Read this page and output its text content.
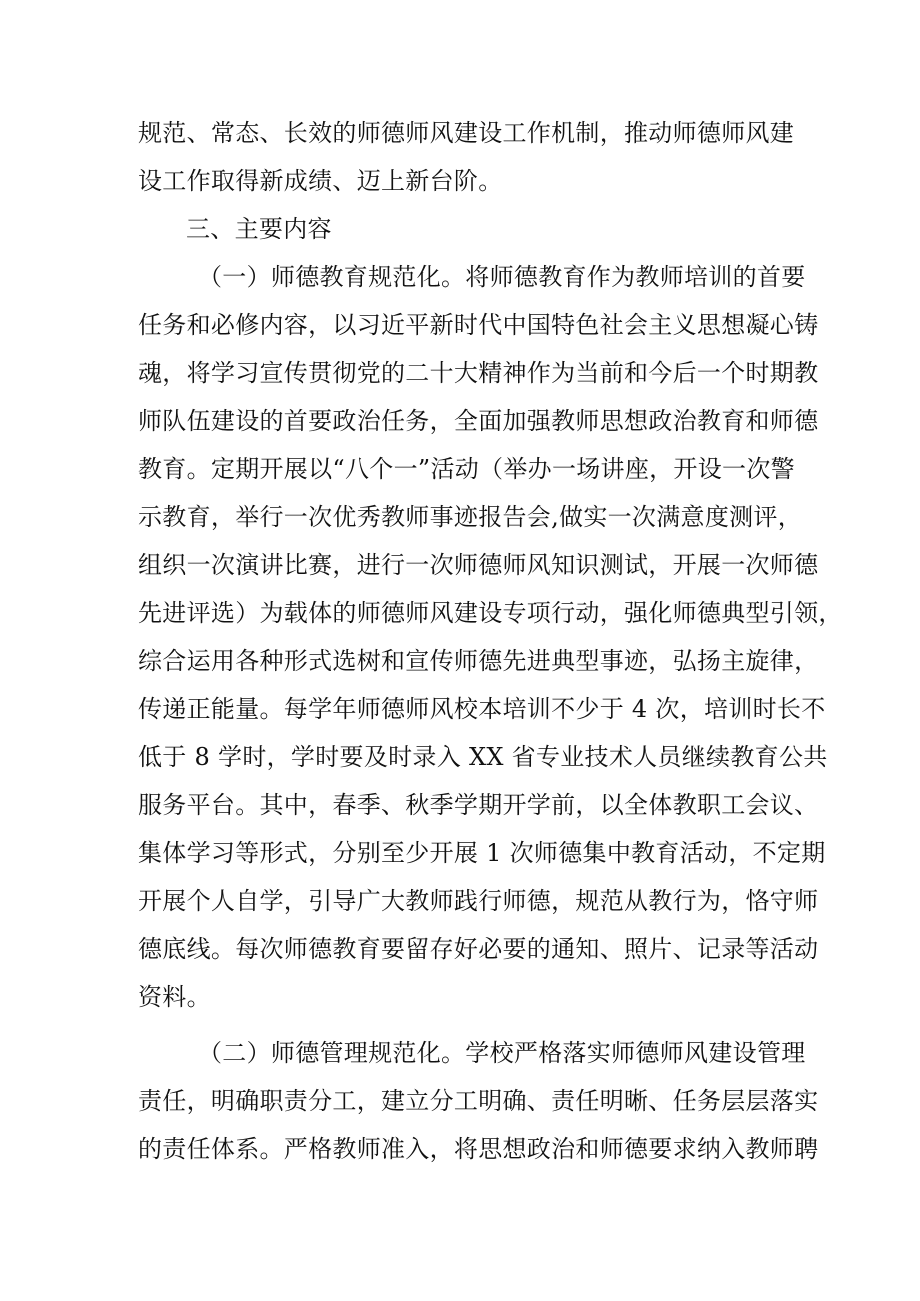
规范、常态、长效的师德师风建设工作机制，推动师德师风建
设工作取得新成绩、迈上新台阶。
三、主要内容
（一）师德教育规范化。将师德教育作为教师培训的首要
任务和必修内容，以习近平新时代中国特色社会主义思想凝心铸
魂，将学习宣传贯彻党的二十大精神作为当前和今后一个时期教
师队伍建设的首要政治任务，全面加强教师思想政治教育和师德
教育。定期开展以“八个一”活动（举办一场讲座，开设一次警
示教育，举行一次优秀教师事迹报告会,做实一次满意度测评，
组织一次演讲比赛，进行一次师德师风知识测试，开展一次师德
先进评选）为载体的师德师风建设专项行动，强化师德典型引领，
综合运用各种形式选树和宣传师德先进典型事迹，弘扬主旋律，
传递正能量。每学年师德师风校本培训不少于 4 次，培训时长不
低于 8 学时，学时要及时录入 XX 省专业技术人员继续教育公共
服务平台。其中，春季、秋季学期开学前，以全体教职工会议、
集体学习等形式，分别至少开展 1 次师德集中教育活动，不定期
开展个人自学，引导广大教师践行师德，规范从教行为，恪守师
德底线。每次师德教育要留存好必要的通知、照片、记录等活动
资料。
（二）师德管理规范化。学校严格落实师德师风建设管理
责任，明确职责分工，建立分工明确、责任明晰、任务层层落实
的责任体系。严格教师准入，将思想政治和师德要求纳入教师聘
